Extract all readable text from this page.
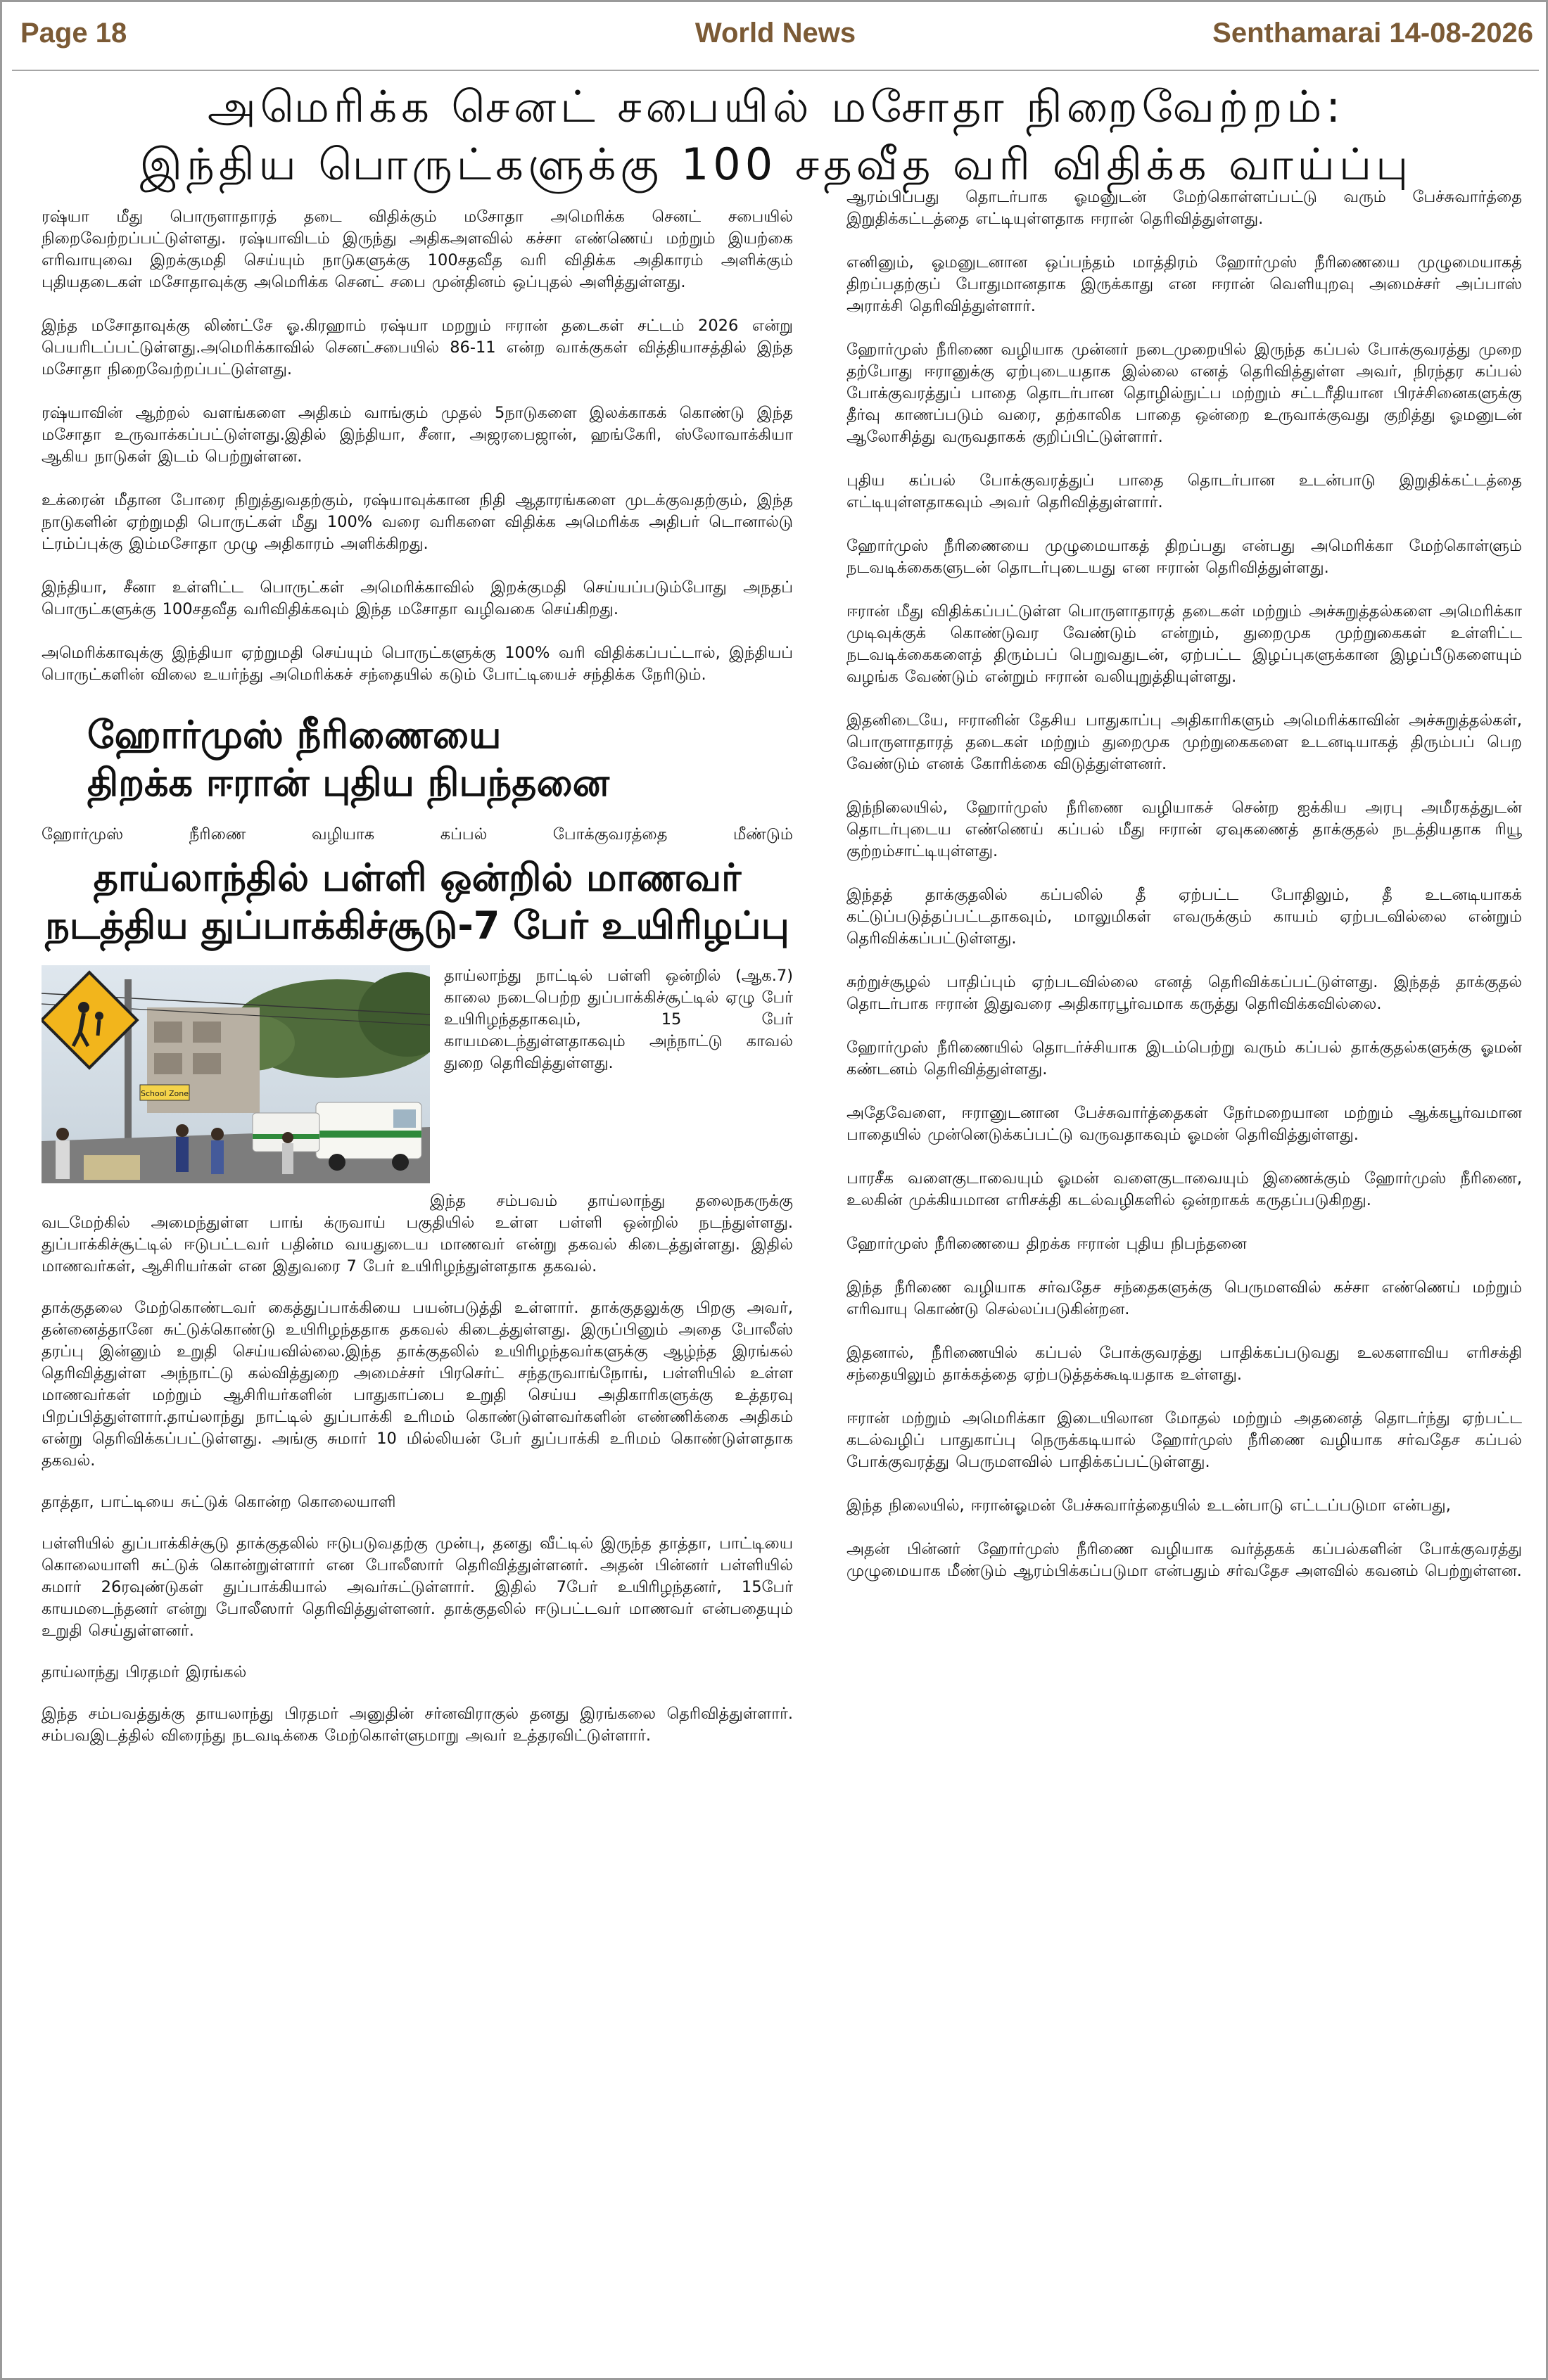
World News
Page 18	Senthamarai 14-08-2026
அமெரிக்க செனட் சபையில் மசோதா நிறைவேற்றம்:
இந்திய பொருட்களுக்கு 100 சதவீத வரி விதிக்க வாய்ப்பு

ரஷ்யா மீது பொருளாதாரத் தடை விதிக்கும் மசோதா அமெரிக்க செனட் சபையில் நிறைவேற்றப்பட்டுள்ளது. ரஷ்யாவிடம் இருந்து அதிகஅளவில் கச்சா எண்ணெய் மற்றும் இயற்கை எரிவாயுவை இறக்குமதி செய்யும் நாடுகளுக்கு 100சதவீத வரி விதிக்க அதிகாரம் அளிக்கும் புதியதடைகள் மசோதாவுக்கு அமெரிக்க செனட் சபை முன்தினம் ஒப்புதல் அளித்துள்ளது.

இந்த மசோதாவுக்கு லிண்ட்சே ஓ.கிரஹாம் ரஷ்யா மறறும் ஈரான் தடைகள் சட்டம் 2026 என்று பெயரிடப்பட்டுள்ளது.அமெரிக்காவில் செனட்சபையில் 86-11 என்ற வாக்குகள் வித்தியாசத்தில் இந்த மசோதா நிறைவேற்றப்பட்டுள்ளது.

ரஷ்யாவின் ஆற்றல் வளங்களை அதிகம் வாங்கும் முதல் 5நாடுகளை இலக்காகக் கொண்டு இந்த மசோதா உருவாக்கப்பட்டுள்ளது.இதில் இந்தியா, சீனா, அஜரபைஜான், ஹங்கேரி, ஸ்லோவாக்கியா ஆகிய நாடுகள் இடம் பெற்றுள்ளன.

உக்ரைன் மீதான போரை நிறுத்துவதற்கும், ரஷ்யாவுக்கான நிதி ஆதாரங்களை முடக்குவதற்கும், இந்த நாடுகளின் ஏற்றுமதி பொருட்கள் மீது 100% வரை வரிகளை விதிக்க அமெரிக்க அதிபர் டொனால்டு ட்ரம்ப்புக்கு இம்மசோதா முழு அதிகாரம் அளிக்கிறது.

இந்தியா, சீனா உள்ளிட்ட பொருட்கள் அமெரிக்காவில் இறக்குமதி செய்யப்படும்போது அநதப் பொருட்களுக்கு 100சதவீத வரிவிதிக்கவும் இந்த மசோதா வழிவகை செய்கிறது.

அமெரிக்காவுக்கு இந்தியா ஏற்றுமதி செய்யும் பொருட்களுக்கு 100% வரி விதிக்கப்பட்டால், இந்தியப் பொருட்களின் விலை உயர்ந்து அமெரிக்கச் சந்தையில் கடும் போட்டியைச் சந்திக்க நேரிடும்.

ஹோர்முஸ் நீரிணையை

திறக்க ஈரான் புதிய நிபந்தனை

ஹோர்முஸ் நீரிணை வழியாக கப்பல் போக்குவரத்தை மீண்டும்

தாய்லாந்தில் பள்ளி ஒன்றில் மாணவர்

நடத்திய துப்பாக்கிச்சூடு-7 பேர் உயிரிழப்பு

School Zone

தாய்லாந்து நாட்டில் பள்ளி ஒன்றில் (ஆக.7) காலை நடைபெற்ற துப்பாக்கிச்சூட்டில் ஏழு பேர் உயிரிழந்ததாகவும், 15 பேர் காயமடைந்துள்ளதாகவும் அந்நாட்டு காவல் துறை தெரிவித்துள்ளது.

இந்த சம்பவம் தாய்லாந்து தலைநகருக்கு வடமேற்கில் அமைந்துள்ள பாங் க்ருவாய் பகுதியில் உள்ள பள்ளி ஒன்றில் நடந்துள்ளது. துப்பாக்கிச்சூட்டில் ஈடுபட்டவர் பதின்ம வயதுடைய மாணவர் என்று தகவல் கிடைத்துள்ளது. இதில் மாணவர்கள், ஆசிரியர்கள் என இதுவரை 7 பேர் உயிரிழந்துள்ளதாக தகவல்.

தாக்குதலை மேற்கொண்டவர் கைத்துப்பாக்கியை பயன்படுத்தி உள்ளார். தாக்குதலுக்கு பிறகு அவர், தன்னைத்தானே சுட்டுக்கொண்டு உயிரிழந்ததாக தகவல் கிடைத்துள்ளது. இருப்பினும் அதை போலீஸ் தரப்பு இன்னும் உறுதி செய்யவில்லை.இந்த தாக்குதலில் உயிரிழந்தவர்களுக்கு ஆழ்ந்த இரங்கல் தெரிவித்துள்ள அந்நாட்டு கல்வித்துறை அமைச்சர் பிரசெர்ட் சந்தருவாங்நோங், பள்ளியில் உள்ள மாணவர்கள் மற்றும் ஆசிரியர்களின் பாதுகாப்பை உறுதி செய்ய அதிகாரிகளுக்கு உத்தரவு பிறப்பித்துள்ளார்.தாய்லாந்து நாட்டில் துப்பாக்கி உரிமம் கொண்டுள்ளவர்களின் எண்ணிக்கை அதிகம் என்று தெரிவிக்கப்பட்டுள்ளது. அங்கு சுமார் 10 மில்லியன் பேர் துப்பாக்கி உரிமம் கொண்டுள்ளதாக தகவல்.

தாத்தா, பாட்டியை சுட்டுக் கொன்ற கொலையாளி

பள்ளியில் துப்பாக்கிச்சூடு தாக்குதலில் ஈடுபடுவதற்கு முன்பு, தனது வீட்டில் இருந்த தாத்தா, பாட்டியை கொலையாளி சுட்டுக் கொன்றுள்ளார் என போலீஸார் தெரிவித்துள்ளனர். அதன் பின்னர் பள்ளியில் சுமார் 26ரவுண்டுகள் துப்பாக்கியால் அவர்சுட்டுள்ளார். இதில் 7பேர் உயிரிழந்தனர், 15பேர் காயமடைந்தனர் என்று போலீஸார் தெரிவித்துள்ளனர். தாக்குதலில் ஈடுபட்டவர் மாணவர் என்பதையும் உறுதி செய்துள்ளனர்.

தாய்லாந்து பிரதமர் இரங்கல்

இந்த சம்பவத்துக்கு தாயலாந்து பிரதமர் அனுதின் சர்னவிராகுல் தனது இரங்கலை தெரிவித்துள்ளார். சம்பவஇடத்தில் விரைந்து நடவடிக்கை மேற்கொள்ளுமாறு அவர் உத்தரவிட்டுள்ளார்.

ஆரம்பிப்பது தொடர்பாக ஓமனுடன் மேற்கொள்ளப்பட்டு வரும் பேச்சுவார்த்தை இறுதிக்கட்டத்தை எட்டியுள்ளதாக ஈரான் தெரிவித்துள்ளது.

எனினும், ஓமனுடனான ஒப்பந்தம் மாத்திரம் ஹோர்முஸ் நீரிணையை முழுமையாகத் திறப்பதற்குப் போதுமானதாக இருக்காது என ஈரான் வெளியுறவு அமைச்சர் அப்பாஸ் அராக்சி தெரிவித்துள்ளார்.

ஹோர்முஸ் நீரிணை வழியாக முன்னர் நடைமுறையில் இருந்த கப்பல் போக்குவரத்து முறை தற்போது ஈரானுக்கு ஏற்புடையதாக இல்லை எனத் தெரிவித்துள்ள அவர், நிரந்தர கப்பல் போக்குவரத்துப் பாதை தொடர்பான தொழில்நுட்ப மற்றும் சட்டரீதியான பிரச்சினைகளுக்கு தீர்வு காணப்படும் வரை, தற்காலிக பாதை ஒன்றை உருவாக்குவது குறித்து ஓமனுடன் ஆலோசித்து வருவதாகக் குறிப்பிட்டுள்ளார்.

புதிய கப்பல் போக்குவரத்துப் பாதை தொடர்பான உடன்பாடு இறுதிக்கட்டத்தை எட்டியுள்ளதாகவும் அவர் தெரிவித்துள்ளார்.

ஹோர்முஸ் நீரிணையை முழுமையாகத் திறப்பது என்பது அமெரிக்கா மேற்கொள்ளும் நடவடிக்கைகளுடன் தொடர்புடையது என ஈரான் தெரிவித்துள்ளது.

ஈரான் மீது விதிக்கப்பட்டுள்ள பொருளாதாரத் தடைகள் மற்றும் அச்சுறுத்தல்களை அமெரிக்கா முடிவுக்குக் கொண்டுவர வேண்டும் என்றும், துறைமுக முற்றுகைகள் உள்ளிட்ட நடவடிக்கைகளைத் திரும்பப் பெறுவதுடன், ஏற்பட்ட இழப்புகளுக்கான இழப்பீடுகளையும் வழங்க வேண்டும் என்றும் ஈரான் வலியுறுத்தியுள்ளது.

இதனிடையே, ஈரானின் தேசிய பாதுகாப்பு அதிகாரிகளும் அமெரிக்காவின் அச்சுறுத்தல்கள், பொருளாதாரத் தடைகள் மற்றும் துறைமுக முற்றுகைகளை உடனடியாகத் திரும்பப் பெற வேண்டும் எனக் கோரிக்கை விடுத்துள்ளனர்.

இந்நிலையில், ஹோர்முஸ் நீரிணை வழியாகச் சென்ற ஐக்கிய அரபு அமீரகத்துடன் தொடர்புடைய எண்ணெய் கப்பல் மீது ஈரான் ஏவுகணைத் தாக்குதல் நடத்தியதாக ரியூ குற்றம்சாட்டியுள்ளது.

இந்தத் தாக்குதலில் கப்பலில் தீ ஏற்பட்ட போதிலும், தீ உடனடியாகக் கட்டுப்படுத்தப்பட்டதாகவும், மாலுமிகள் எவருக்கும் காயம் ஏற்படவில்லை என்றும் தெரிவிக்கப்பட்டுள்ளது.

சுற்றுச்சூழல் பாதிப்பும் ஏற்படவில்லை எனத் தெரிவிக்கப்பட்டுள்ளது. இந்தத் தாக்குதல் தொடர்பாக ஈரான் இதுவரை அதிகாரபூர்வமாக கருத்து தெரிவிக்கவில்லை.

ஹோர்முஸ் நீரிணையில் தொடர்ச்சியாக இடம்பெற்று வரும் கப்பல் தாக்குதல்களுக்கு ஓமன் கண்டனம் தெரிவித்துள்ளது.

அதேவேளை, ஈரானுடனான பேச்சுவார்த்தைகள் நேர்மறையான மற்றும் ஆக்கபூர்வமான பாதையில் முன்னெடுக்கப்பட்டு வருவதாகவும் ஓமன் தெரிவித்துள்ளது.

பாரசீக வளைகுடாவையும் ஓமன் வளைகுடாவையும் இணைக்கும் ஹோர்முஸ் நீரிணை, உலகின் முக்கியமான எரிசக்தி கடல்வழிகளில் ஒன்றாகக் கருதப்படுகிறது.

ஹோர்முஸ் நீரிணையை திறக்க ஈரான் புதிய நிபந்தனை

இந்த நீரிணை வழியாக சர்வதேச சந்தைகளுக்கு பெருமளவில் கச்சா எண்ணெய் மற்றும் எரிவாயு கொண்டு செல்லப்படுகின்றன.

இதனால், நீரிணையில் கப்பல் போக்குவரத்து பாதிக்கப்படுவது உலகளாவிய எரிசக்தி சந்தையிலும் தாக்கத்தை ஏற்படுத்தக்கூடியதாக உள்ளது.

ஈரான் மற்றும் அமெரிக்கா இடையிலான மோதல் மற்றும் அதனைத் தொடர்ந்து ஏற்பட்ட கடல்வழிப் பாதுகாப்பு நெருக்கடியால் ஹோர்முஸ் நீரிணை வழியாக சர்வதேச கப்பல் போக்குவரத்து பெருமளவில் பாதிக்கப்பட்டுள்ளது.

இந்த நிலையில், ஈரான்ஓமன் பேச்சுவார்த்தையில் உடன்பாடு எட்டப்படுமா என்பது,

அதன் பின்னர் ஹோர்முஸ் நீரிணை வழியாக வர்த்தகக் கப்பல்களின் போக்குவரத்து முழுமையாக மீண்டும் ஆரம்பிக்கப்படுமா என்பதும் சர்வதேச அளவில் கவனம் பெற்றுள்ளன.
